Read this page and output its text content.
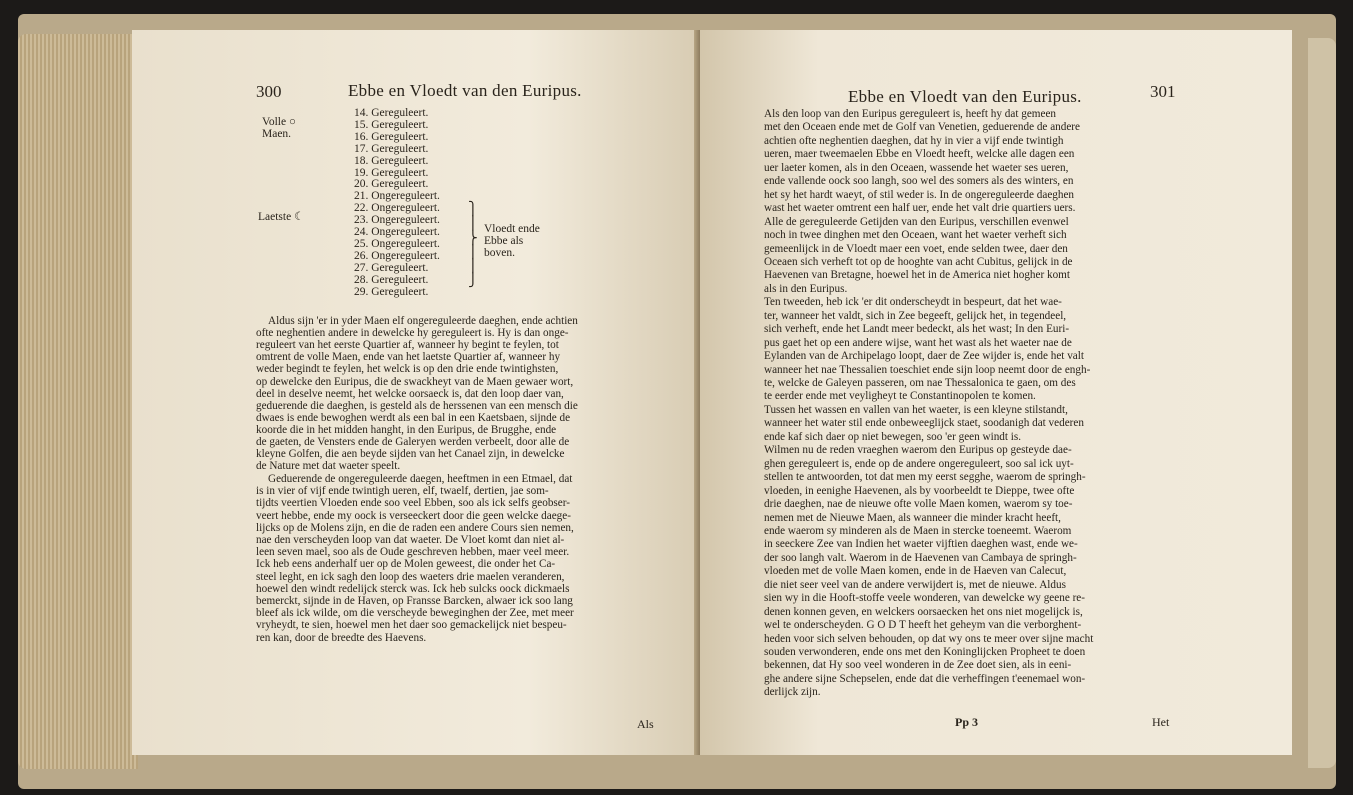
300	Ebbe en Vloedt van den Euripus.
Volle ○ Maen.
Laetste ☾
14. Gereguleert.
15. Gereguleert.
16. Gereguleert.
17. Gereguleert.
18. Gereguleert.
19. Gereguleert.
20. Gereguleert.
21. Ongereguleert.
22. Ongereguleert.
23. Ongereguleert.
24. Ongereguleert.
25. Ongereguleert.
26. Ongereguleert.
27. Gereguleert.
28. Gereguleert.
29. Gereguleert.
⎫
⎪
⎬
⎪
⎪
⎭
Vloedt ende Ebbe als boven.
Aldus sijn 'er in yder Maen elf ongereguleerde daeghen, ende achtien
ofte neghentien andere in dewelcke hy gereguleert is. Hy is dan onge-
reguleert van het eerste Quartier af, wanneer hy begint te feylen, tot
omtrent de volle Maen, ende van het laetste Quartier af, wanneer hy
weder begindt te feylen, het welck is op den drie ende twintighsten,
op dewelcke den Euripus, die de swackheyt van de Maen gewaer wort,
deel in deselve neemt, het welcke oorsaeck is, dat den loop daer van,
geduerende die daeghen, is gesteld als de herssenen van een mensch die
dwaes is ende bewoghen werdt als een bal in een Kaetsbaen, sijnde de
koorde die in het midden hanght, in den Euripus, de Brugghe, ende
de gaeten, de Vensters ende de Galeryen werden verbeelt, door alle de
kleyne Golfen, die aen beyde sijden van het Canael zijn, in dewelcke
de Nature met dat waeter speelt.
Geduerende de ongereguleerde daegen, heeftmen in een Etmael, dat
is in vier of vijf ende twintigh ueren, elf, twaelf, dertien, jae som-
tijdts veertien Vloeden ende soo veel Ebben, soo als ick selfs geobser-
veert hebbe, ende my oock is verseeckert door die geen welcke daege-
lijcks op de Molens zijn, en die de raden een andere Cours sien nemen,
nae den verscheyden loop van dat waeter. De Vloet komt dan niet al-
leen seven mael, soo als de Oude geschreven hebben, maer veel meer.
Ick heb eens anderhalf uer op de Molen geweest, die onder het Ca-
steel leght, en ick sagh den loop des waeters drie maelen veranderen,
hoewel den windt redelijck sterck was. Ick heb sulcks oock dickmaels
bemerckt, sijnde in de Haven, op Fransse Barcken, alwaer ick soo lang
bleef als ick wilde, om die verscheyde beweginghen der Zee, met meer
vryheydt, te sien, hoewel men het daer soo gemackelijck niet bespeu-
ren kan, door de breedte des Haevens.
Als
Ebbe en Vloedt van den Euripus.	301
Als den loop van den Euripus gereguleert is, heeft hy dat gemeen
met den Oceaen ende met de Golf van Venetien, geduerende de andere
achtien ofte neghentien daeghen, dat hy in vier a vijf ende twintigh
ueren, maer tweemaelen Ebbe en Vloedt heeft, welcke alle dagen een
uer laeter komen, als in den Oceaen, wassende het waeter ses ueren,
ende vallende oock soo langh, soo wel des somers als des winters, en
het sy het hardt waeyt, of stil weder is. In de ongereguleerde daeghen
wast het waeter omtrent een half uer, ende het valt drie quartiers uers.
Alle de gereguleerde Getijden van den Euripus, verschillen evenwel
noch in twee dinghen met den Oceaen, want het waeter verheft sich
gemeenlijck in de Vloedt maer een voet, ende selden twee, daer den
Oceaen sich verheft tot op de hooghte van acht Cubitus, gelijck in de
Haevenen van Bretagne, hoewel het in de America niet hogher komt
als in den Euripus.
Ten tweeden, heb ick 'er dit onderscheydt in bespeurt, dat het wae-
ter, wanneer het valdt, sich in Zee begeeft, gelijck het, in tegendeel,
sich verheft, ende het Landt meer bedeckt, als het wast; In den Euri-
pus gaet het op een andere wijse, want het wast als het waeter nae de
Eylanden van de Archipelago loopt, daer de Zee wijder is, ende het valt
wanneer het nae Thessalien toeschiet ende sijn loop neemt door de engh-
te, welcke de Galeyen passeren, om nae Thessalonica te gaen, om des
te eerder ende met veyligheyt te Constantinopolen te komen.
Tussen het wassen en vallen van het waeter, is een kleyne stilstandt,
wanneer het water stil ende onbeweeglijck staet, soodanigh dat vederen
ende kaf sich daer op niet bewegen, soo 'er geen windt is.
Wilmen nu de reden vraeghen waerom den Euripus op gesteyde dae-
ghen gereguleert is, ende op de andere ongereguleert, soo sal ick uyt-
stellen te antwoorden, tot dat men my eerst segghe, waerom de springh-
vloeden, in eenighe Haevenen, als by voorbeeldt te Dieppe, twee ofte
drie daeghen, nae de nieuwe ofte volle Maen komen, waerom sy toe-
nemen met de Nieuwe Maen, als wanneer die minder kracht heeft,
ende waerom sy minderen als de Maen in stercke toeneemt. Waerom
in seeckere Zee van Indien het waeter vijftien daeghen wast, ende we-
der soo langh valt. Waerom in de Haevenen van Cambaya de springh-
vloeden met de volle Maen komen, ende in de Haeven van Calecut,
die niet seer veel van de andere verwijdert is, met de nieuwe. Aldus
sien wy in die Hooft-stoffe veele wonderen, van dewelcke wy geene re-
denen konnen geven, en welckers oorsaecken het ons niet mogelijck is,
wel te onderscheyden. G O D T heeft het geheym van die verborghent-
heden voor sich selven behouden, op dat wy ons te meer over sijne macht
souden verwonderen, ende ons met den Koninglijcken Propheet te doen
bekennen, dat Hy soo veel wonderen in de Zee doet sien, als in eeni-
ghe andere sijne Schepselen, ende dat die verheffingen t'eenemael won-
derlijck zijn.
Pp 3	Het
